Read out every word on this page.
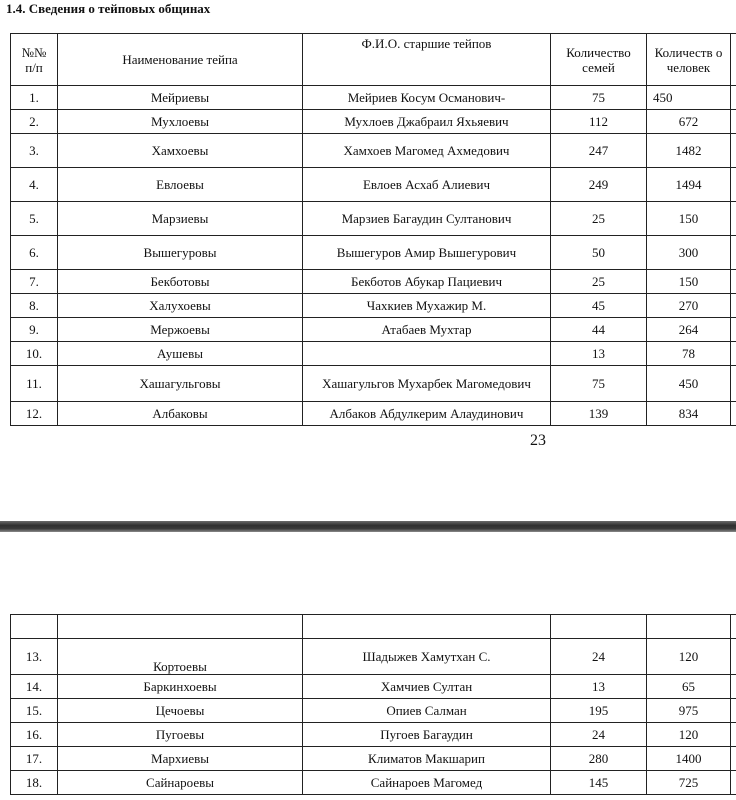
1.4. Сведения о тейповых общинах
№№ п/п	Наименование тейпа	Ф.И.О. старшие тейпов	Количество семей	Количеств о человек	
1.	Мейриевы	Мейриев Косум Османович-	75	450	
2.	Мухлоевы	Мухлоев Джабраил Яхьяевич	112	672	
3.	Хамхоевы	Хамхоев Магомед Ахмедович	247	1482	
4.	Евлоевы	Евлоев Асхаб Алиевич	249	1494	
5.	Марзиевы	Марзиев Багаудин Султанович	25	150	
6.	Вышегуровы	Вышегуров Амир Вышегурович	50	300	
7.	Бекботовы	Бекботов Абукар Пациевич	25	150	
8.	Халухоевы	Чахкиев Мухажир М.	45	270	
9.	Мержоевы	Атабаев Мухтар	44	264	
10.	Аушевы		13	78	
11.	Хашагульговы	Хашагульгов Мухарбек Магомедович	75	450	
12.	Албаковы	Албаков Абдулкерим Алаудинович	139	834	

23

13.	Кортоевы	Шадыжев Хамутхан С.	24	120	
14.	Баркинхоевы	Хамчиев Султан	13	65	
15.	Цечоевы	Опиев Салман	195	975	
16.	Пугоевы	Пугоев Багаудин	24	120	
17.	Мархиевы	Климатов Макшарип	280	1400	
18.	Сайнароевы	Сайнароев Магомед	145	725	
